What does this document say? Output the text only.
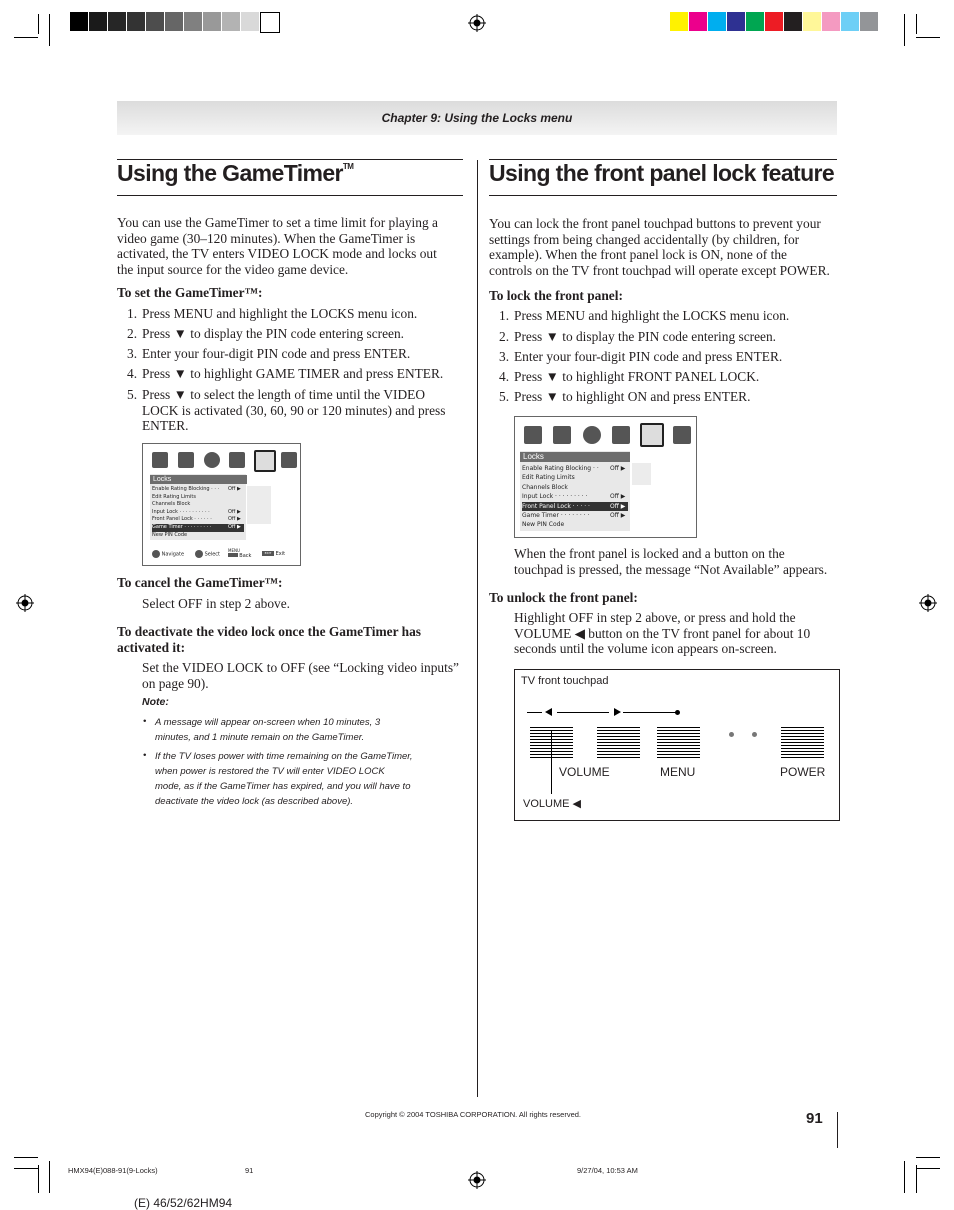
Chapter 9: Using the Locks menu
Using the GameTimer™
You can use the GameTimer to set a time limit for playing a
video game (30–120 minutes). When the GameTimer is
activated, the TV enters VIDEO LOCK mode and locks out
the input source for the video game device.
To set the GameTimer™:
1. Press MENU and highlight the LOCKS menu icon.
2. Press ▼ to display the PIN code entering screen.
3. Enter your four-digit PIN code and press ENTER.
4. Press ▼ to highlight GAME TIMER and press ENTER.
5. Press ▼ to select the length of time until the VIDEO
LOCK is activated (30, 60, 90 or 120 minutes) and press
ENTER.
Locks
Enable Rating Blocking · · · Off ▶
Edit Rating Limits
Channels Block
Input Lock · · · · · · · · · ·	Off ▶
Front Panel Lock · · · · · ·	Off ▶
Game Timer · · · · · · · · ·	Off ▶
New PIN Code
Navigate	Select
MENU
Back	EXIT Exit
To cancel the GameTimer™:
Select OFF in step 2 above.
To deactivate the video lock once the GameTimer has
activated it:
Set the VIDEO LOCK to OFF (see “Locking video inputs”
on page 90).
Note:
• A message will appear on-screen when 10 minutes, 3
minutes, and 1 minute remain on the GameTimer.
• If the TV loses power with time remaining on the GameTimer,
when power is restored the TV will enter VIDEO LOCK
mode, as if the GameTimer has expired, and you will have to
deactivate the video lock (as described above).
Using the front panel lock feature
You can lock the front panel touchpad buttons to prevent your
settings from being changed accidentally (by children, for
example). When the front panel lock is ON, none of the
controls on the TV front touchpad will operate except POWER.
To lock the front panel:
1. Press MENU and highlight the LOCKS menu icon.
2. Press ▼ to display the PIN code entering screen.
3. Enter your four-digit PIN code and press ENTER.
4. Press ▼ to highlight FRONT PANEL LOCK.
5. Press ▼ to highlight ON and press ENTER.
Locks
Enable Rating Blocking · · Off ▶
Edit Rating Limits
Channels Block
Input Lock · · · · · · · · ·	Off ▶
Front Panel Lock · · · · ·	Off ▶
Game Timer · · · · · · · ·	Off ▶
New PIN Code
When the front panel is locked and a button on the
touchpad is pressed, the message “Not Available” appears.
To unlock the front panel:
Highlight OFF in step 2 above, or press and hold the
VOLUME ◀ button on the TV front panel for about 10
seconds until the volume icon appears on-screen.
TV front touchpad
VOLUME	MENU	POWER
VOLUME ◀
Copyright © 2004 TOSHIBA CORPORATION. All rights reserved.	91
HMX94(E)088-91(9-Locks)	91	9/27/04, 10:53 AM
(E) 46/52/62HM94
